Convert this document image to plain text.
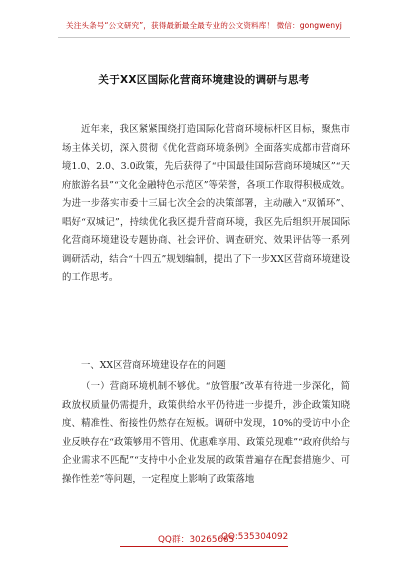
关注头条号“公文研究”，获得最新最全最专业的公文资料库！ 微信：gongwenyj
关于XX区国际化营商环境建设的调研与思考

近年来，我区紧紧围绕打造国际化营商环境标杆区目标，聚焦市场主体关切，深入贯彻《优化营商环境条例》全面落实成都市营商环境1.0、2.0、3.0政策，先后获得了“中国最佳国际营商环境城区”“天府旅游名县”“文化金融特色示范区”等荣誉，各项工作取得积极成效。为进一步落实市委十三届七次全会的决策部署，主动融入“双循环”、唱好“双城记”，持续优化我区提升营商环境，我区先后组织开展国际化营商环境建设专题协商、社会评价、调查研究、效果评估等一系列调研活动，结合“十四五”规划编制，提出了下一步XX区营商环境建设的工作思考。

一、XX区营商环境建设存在的问题

（一）营商环境机制不够优。“放管服”改革有待进一步深化，简政放权质量仍需提升，政策供给水平仍待进一步提升，涉企政策知晓度、精准性、衔接性仍然存在短板。调研中发现，10%的受访中小企业反映存在“政策够用不管用、优惠难享用、政策兑现难”“政府供给与企业需求不匹配”“支持中小企业发展的政策普遍存在配套措施少、可操作性差”等问题，一定程度上影响了政策落地

QQ群：30265665
QQ:535304092
